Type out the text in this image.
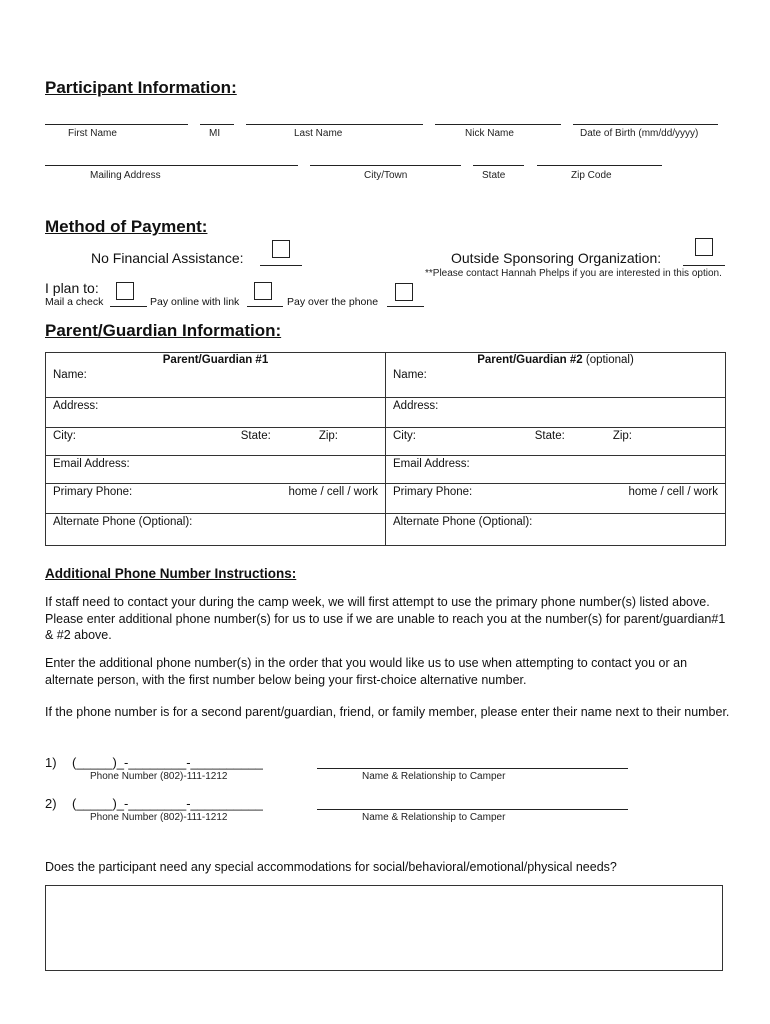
Participant Information:
First Name	MI	Last Name	Nick Name	Date of Birth (mm/dd/yyyy)
Mailing Address	City/Town	State	Zip Code
Method of Payment:
No Financial Assistance:	Outside Sponsoring Organization:
**Please contact Hannah Phelps if you are interested in this option.
I plan to:
Mail a check	Pay online with link	Pay over the phone
Parent/Guardian Information:
Parent/Guardian #1	Parent/Guardian #2 (optional)
Name:	Name:
Address:	Address:

City: State: Zip:	City: State: Zip:

Email Address:	Email Address:

Primary Phone: home / cell / work	Primary Phone: home / cell / work

Alternate Phone (Optional):	Alternate Phone (Optional):
Additional Phone Number Instructions:
If staff need to contact your during the camp week, we will first attempt to use the primary phone number(s) listed above. Please enter additional phone number(s) for us to use if we are unable to reach you at the number(s) for parent/guardian#1 & #2 above.
Enter the additional phone number(s) in the order that you would like us to use when attempting to contact you or an alternate person, with the first number below being your first-choice alternative number.
If the phone number is for a second parent/guardian, friend, or family member, please enter their name next to their number.
1) (_____)_-________-__________
Phone Number (802)-111-1212	Name & Relationship to Camper
2) (_____)_-________-__________
Phone Number (802)-111-1212	Name & Relationship to Camper
Does the participant need any special accommodations for social/behavioral/emotional/physical needs?
